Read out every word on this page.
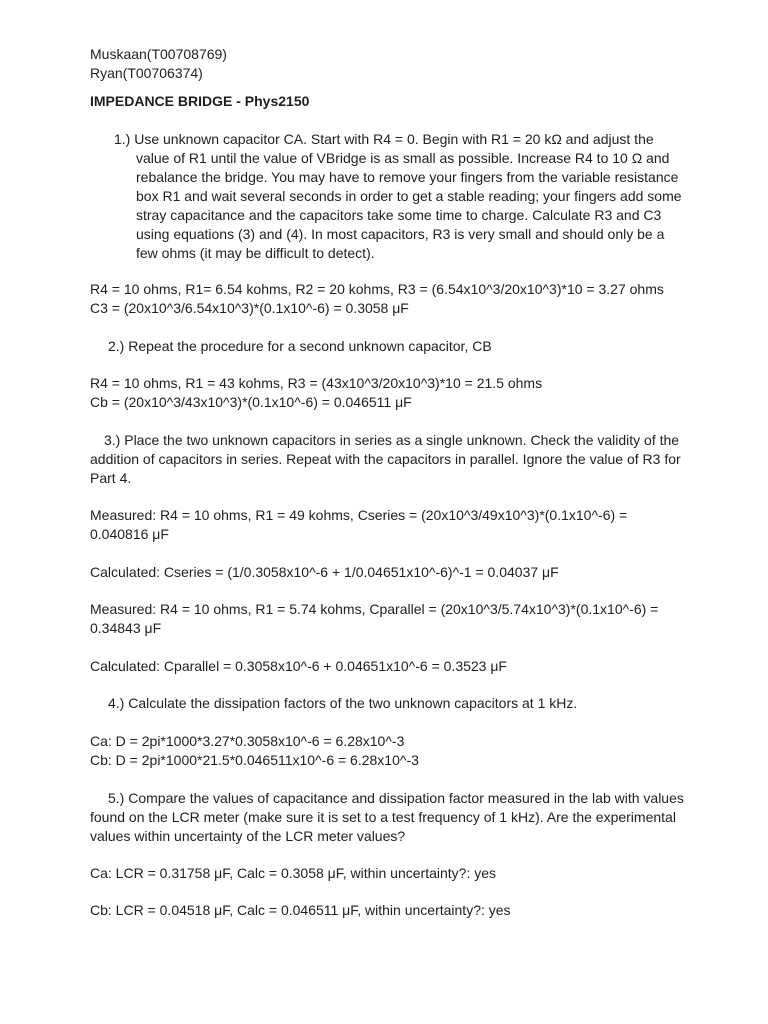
Muskaan(T00708769)

Ryan(T00706374)

IMPEDANCE BRIDGE - Phys2150

1.) Use unknown capacitor CA. Start with R4 = 0. Begin with R1 = 20 kΩ and adjust the

value of R1 until the value of VBridge is as small as possible. Increase R4 to 10 Ω and

rebalance the bridge. You may have to remove your fingers from the variable resistance

box R1 and wait several seconds in order to get a stable reading; your fingers add some

stray capacitance and the capacitors take some time to charge. Calculate R3 and C3

using equations (3) and (4). In most capacitors, R3 is very small and should only be a

few ohms (it may be difficult to detect).

R4 = 10 ohms, R1= 6.54 kohms, R2 = 20 kohms, R3 = (6.54x10^3/20x10^3)*10 = 3.27 ohms

C3 = (20x10^3/6.54x10^3)*(0.1x10^-6) = 0.3058 μF

2.) Repeat the procedure for a second unknown capacitor, CB

R4 = 10 ohms, R1 = 43 kohms, R3 = (43x10^3/20x10^3)*10 = 21.5 ohms

Cb = (20x10^3/43x10^3)*(0.1x10^-6) = 0.046511 μF

3.) Place the two unknown capacitors in series as a single unknown. Check the validity of the

addition of capacitors in series. Repeat with the capacitors in parallel. Ignore the value of R3 for

Part 4.

Measured: R4 = 10 ohms, R1 = 49 kohms, Cseries = (20x10^3/49x10^3)*(0.1x10^-6) =

0.040816 μF

Calculated: Cseries = (1/0.3058x10^-6 + 1/0.04651x10^-6)^-1 = 0.04037 μF

Measured: R4 = 10 ohms, R1 = 5.74 kohms, Cparallel = (20x10^3/5.74x10^3)*(0.1x10^-6) =

0.34843 μF

Calculated: Cparallel = 0.3058x10^-6 + 0.04651x10^-6 = 0.3523 μF

4.) Calculate the dissipation factors of the two unknown capacitors at 1 kHz.

Ca: D = 2pi*1000*3.27*0.3058x10^-6 = 6.28x10^-3

Cb: D = 2pi*1000*21.5*0.046511x10^-6 = 6.28x10^-3

5.) Compare the values of capacitance and dissipation factor measured in the lab with values

found on the LCR meter (make sure it is set to a test frequency of 1 kHz). Are the experimental

values within uncertainty of the LCR meter values?

Ca: LCR = 0.31758 μF, Calc = 0.3058 μF, within uncertainty?: yes

Cb: LCR = 0.04518 μF, Calc = 0.046511 μF, within uncertainty?: yes
